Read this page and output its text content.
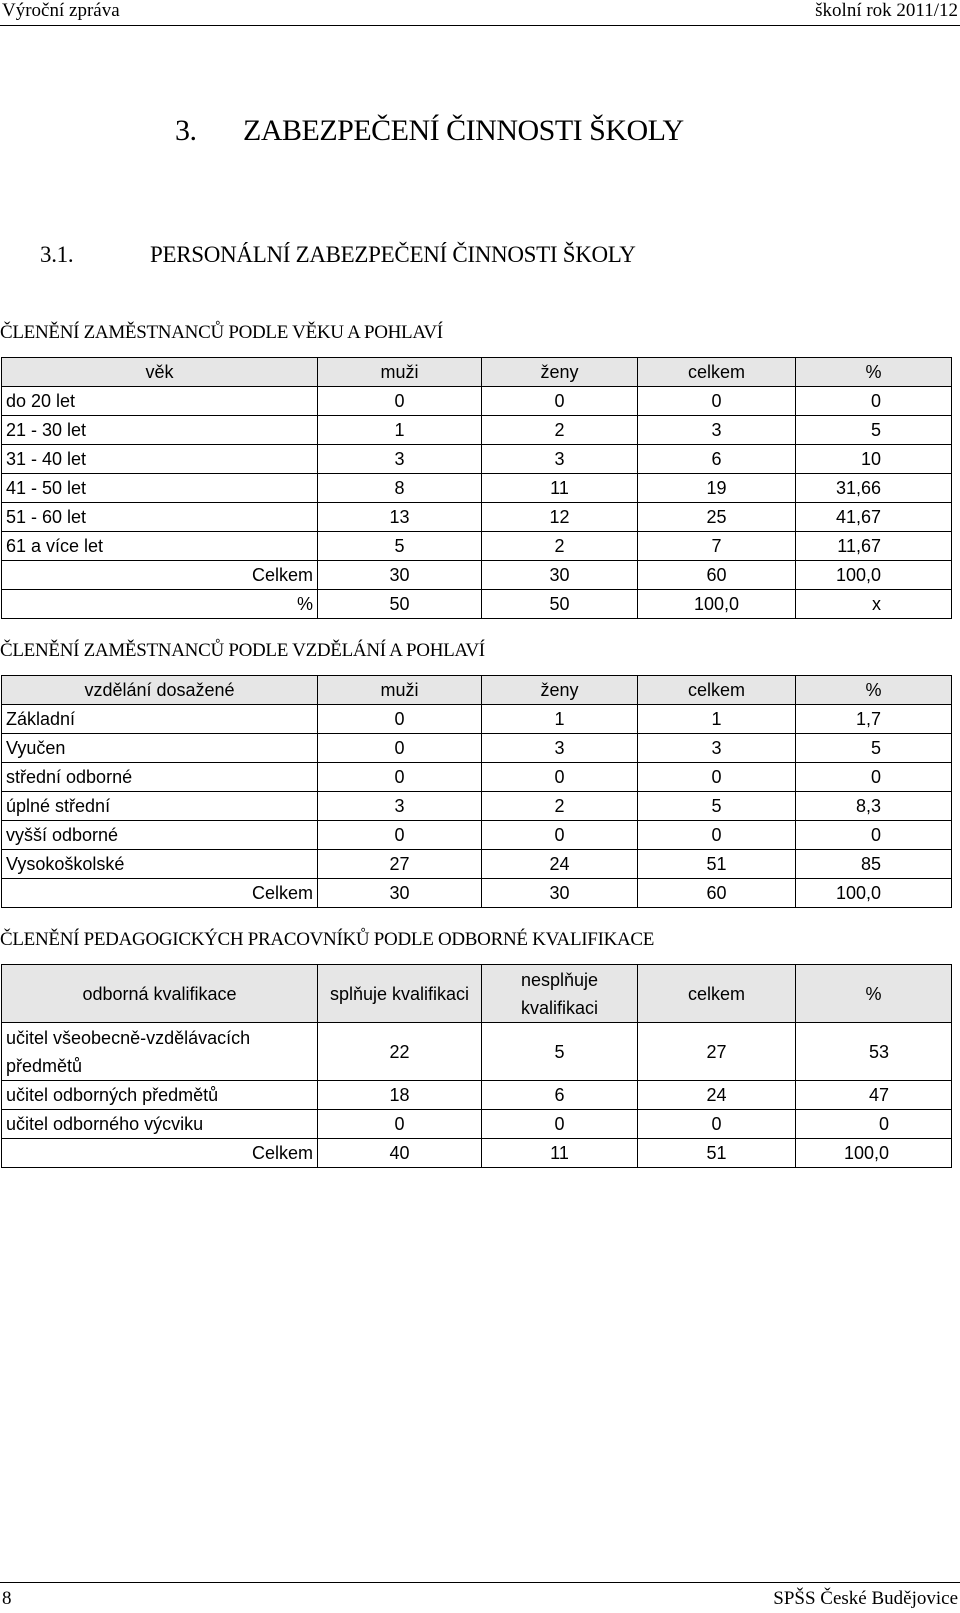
Výroční zpráva	školní rok 2011/12
3. ZABEZPEČENÍ ČINNOSTI ŠKOLY
3.1.	PERSONÁLNÍ ZABEZPEČENÍ ČINNOSTI ŠKOLY
ČLENĚNÍ ZAMĚSTNANCŮ PODLE VĚKU A POHLAVÍ
věk	muži	ženy	celkem	%
do 20 let	0	0	0	0
21 - 30 let	1	2	3	5
31 - 40 let	3	3	6	10
41 - 50 let	8	11	19	31,66
51 - 60 let	13	12	25	41,67
61 a více let	5	2	7	11,67
Celkem	30	30	60	100,0
%	50	50	100,0	x
ČLENĚNÍ ZAMĚSTNANCŮ PODLE VZDĚLÁNÍ A POHLAVÍ
vzdělání dosažené	muži	ženy	celkem	%
Základní	0	1	1	1,7
Vyučen	0	3	3	5
střední odborné	0	0	0	0
úplné střední	3	2	5	8,3
vyšší odborné	0	0	0	0
Vysokoškolské	27	24	51	85
Celkem	30	30	60	100,0
ČLENĚNÍ PEDAGOGICKÝCH PRACOVNÍKŮ PODLE ODBORNÉ KVALIFIKACE
odborná kvalifikace	splňuje kvalifikaci	nesplňuje kvalifikaci	celkem	%
učitel všeobecně-vzdělávacích předmětů	22	5	27	53
učitel odborných předmětů	18	6	24	47
učitel odborného výcviku	0	0	0	0
Celkem	40	11	51	100,0
8	SPŠS České Budějovice
